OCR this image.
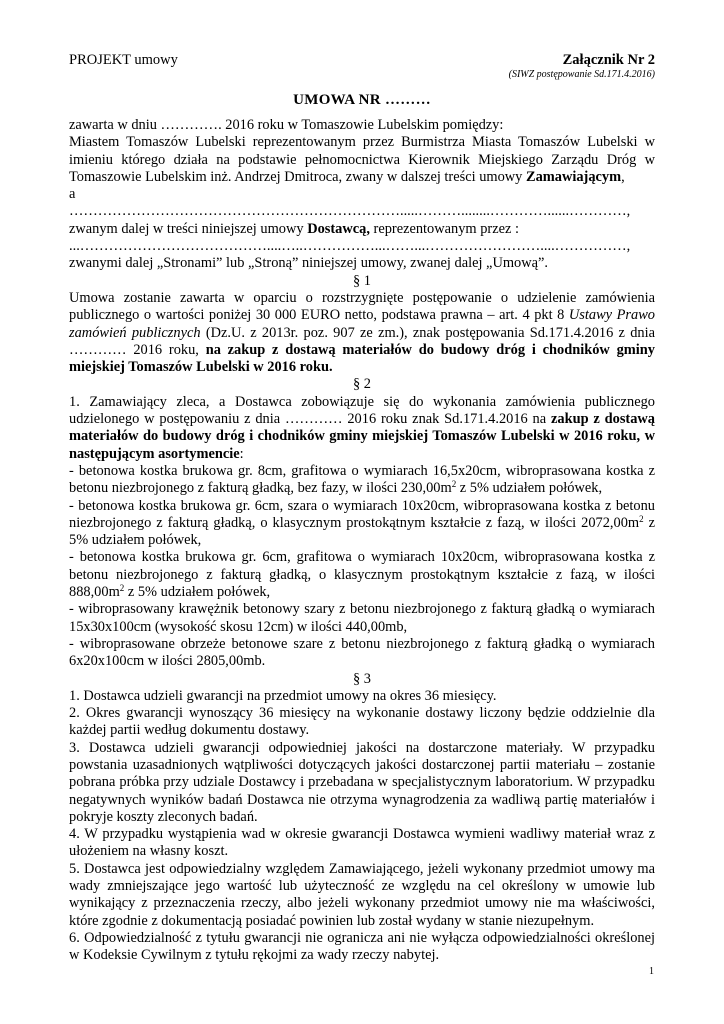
PROJEKT umowy	Załącznik Nr 2
(SIWZ postępowanie Sd.171.4.2016)
UMOWA NR ………

zawarta w dniu …………. 2016 roku w Tomaszowie Lubelskim pomiędzy:

Miastem Tomaszów Lubelski reprezentowanym przez Burmistrza Miasta Tomaszów Lubelski w imieniu którego działa na podstawie pełnomocnictwa Kierownik Miejskiego Zarządu Dróg w Tomaszowie Lubelskim inż. Andrzej Dmitroca, zwany w dalszej treści umowy Zamawiającym,

a

…………………………………………………………….....………........…………......…………,

zwanym dalej w treści niniejszej umowy Dostawcą, reprezentowanym przez :

...…………………………………....…..……………...……...……………………....……………,

zwanymi dalej „Stronami” lub „Stroną” niniejszej umowy, zwanej dalej „Umową”.

§ 1

Umowa zostanie zawarta w oparciu o rozstrzygnięte postępowanie o udzielenie zamówienia publicznego o wartości poniżej 30 000 EURO netto, podstawa prawna – art. 4 pkt 8 Ustawy Prawo zamówień publicznych (Dz.U. z 2013r. poz. 907 ze zm.), znak postępowania Sd.171.4.2016 z dnia ………… 2016 roku, na zakup z dostawą materiałów do budowy dróg i chodników gminy miejskiej Tomaszów Lubelski w 2016 roku.

§ 2

1. Zamawiający zleca, a Dostawca zobowiązuje się do wykonania zamówienia publicznego udzielonego w postępowaniu z dnia ………… 2016 roku znak Sd.171.4.2016 na zakup z dostawą materiałów do budowy dróg i chodników gminy miejskiej Tomaszów Lubelski w 2016 roku, w następującym asortymencie:

- betonowa kostka brukowa gr. 8cm, grafitowa o wymiarach 16,5x20cm, wibroprasowana kostka z betonu niezbrojonego z fakturą gładką, bez fazy, w ilości $230,00m^2$ z 5% udziałem połówek,

- betonowa kostka brukowa gr. 6cm, szara o wymiarach 10x20cm, wibroprasowana kostka z betonu niezbrojonego z fakturą gładką, o klasycznym prostokątnym kształcie z fazą, w ilości $2072,00m^2$ z 5% udziałem połówek,

- betonowa kostka brukowa gr. 6cm, grafitowa o wymiarach 10x20cm, wibroprasowana kostka z betonu niezbrojonego z fakturą gładką, o klasycznym prostokątnym kształcie z fazą, w ilości $888,00m^2$ z 5% udziałem połówek,

- wibroprasowany krawężnik betonowy szary z betonu niezbrojonego z fakturą gładką o wymiarach 15x30x100cm (wysokość skosu 12cm) w ilości 440,00mb,

- wibroprasowane obrzeże betonowe szare z betonu niezbrojonego z fakturą gładką o wymiarach 6x20x100cm w ilości 2805,00mb.

§ 3

1. Dostawca udzieli gwarancji na przedmiot umowy na okres 36 miesięcy.

2. Okres gwarancji wynoszący 36 miesięcy na wykonanie dostawy liczony będzie oddzielnie dla każdej partii według dokumentu dostawy.

3. Dostawca udzieli gwarancji odpowiedniej jakości na dostarczone materiały. W przypadku powstania uzasadnionych wątpliwości dotyczących jakości dostarczonej partii materiału – zostanie pobrana próbka przy udziale Dostawcy i przebadana w specjalistycznym laboratorium. W przypadku negatywnych wyników badań Dostawca nie otrzyma wynagrodzenia za wadliwą partię materiałów i pokryje koszty zleconych badań.

4. W przypadku wystąpienia wad w okresie gwarancji Dostawca wymieni wadliwy materiał wraz z ułożeniem na własny koszt.

5. Dostawca jest odpowiedzialny względem Zamawiającego, jeżeli wykonany przedmiot umowy ma wady zmniejszające jego wartość lub użyteczność ze względu na cel określony w umowie lub wynikający z przeznaczenia rzeczy, albo jeżeli wykonany przedmiot umowy nie ma właściwości, które zgodnie z dokumentacją posiadać powinien lub został wydany w stanie niezupełnym.

6. Odpowiedzialność z tytułu gwarancji nie ogranicza ani nie wyłącza odpowiedzialności określonej w Kodeksie Cywilnym z tytułu rękojmi za wady rzeczy nabytej.

1
